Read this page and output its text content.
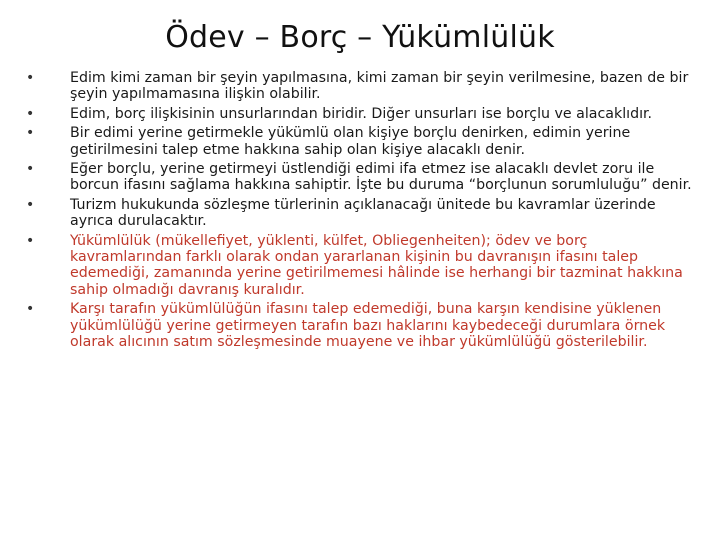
Ödev – Borç – Yükümlülük
•	Edim kimi zaman bir şeyin yapılmasına, kimi zaman bir şeyin verilmesine, bazen de bir şeyin yapılmamasına ilişkin olabilir.
•	Edim, borç ilişkisinin unsurlarından biridir. Diğer unsurları ise borçlu ve alacaklıdır.
•	Bir edimi yerine getirmekle yükümlü olan kişiye borçlu denirken, edimin yerine getirilmesini talep etme hakkına sahip olan kişiye alacaklı denir.
•	Eğer borçlu, yerine getirmeyi üstlendiği edimi ifa etmez ise alacaklı devlet zoru ile borcun ifasını sağlama hakkına sahiptir. İşte bu duruma “borçlunun sorumluluğu” denir.
•	Turizm hukukunda sözleşme türlerinin açıklanacağı ünitede bu kavramlar üzerinde ayrıca durulacaktır.
•	Yükümlülük (mükellefiyet, yüklenti, külfet, Obliegenheiten); ödev ve borç kavramlarından farklı olarak ondan yararlanan kişinin bu davranışın ifasını talep edemediği, zamanında yerine getirilmemesi hâlinde ise herhangi bir tazminat hakkına sahip olmadığı davranış kuralıdır.
•	Karşı tarafın yükümlülüğün ifasını talep edemediği, buna karşın kendisine yüklenen yükümlülüğü yerine getirmeyen tarafın bazı haklarını kaybedeceği durumlara örnek olarak alıcının satım sözleşmesinde muayene ve ihbar yükümlülüğü gösterilebilir.
